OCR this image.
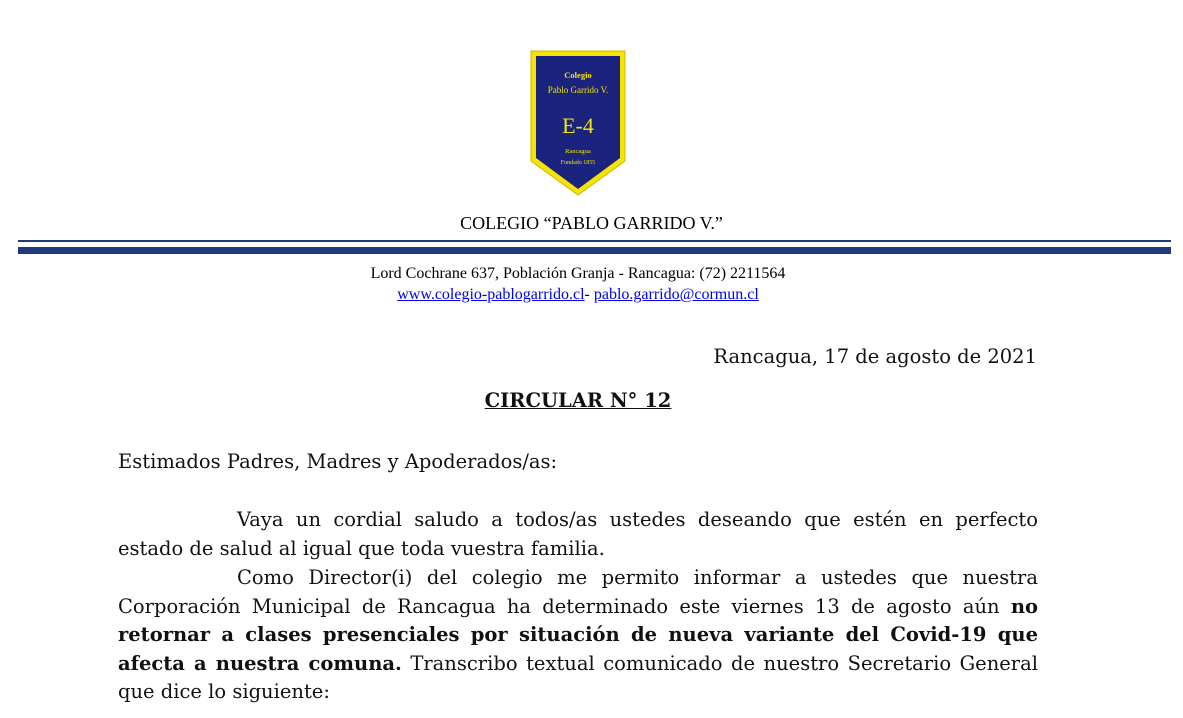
Colegio
Pablo Garrido V.
E-4
Rancagua
Fundado 1855
COLEGIO “PABLO GARRIDO V.”
Lord Cochrane 637, Población Granja - Rancagua: (72) 2211564
www.colegio-pablogarrido.cl- pablo.garrido@cormun.cl
Rancagua, 17 de agosto de 2021
CIRCULAR N° 12
Estimados Padres, Madres y Apoderados/as:
Vaya un cordial saludo a todos/as ustedes deseando que estén en perfecto estado de salud al igual que toda vuestra familia.
Como Director(i) del colegio me permito informar a ustedes que nuestra Corporación Municipal de Rancagua ha determinado este viernes 13 de agosto aún no retornar a clases presenciales por situación de nueva variante del Covid-19 que afecta a nuestra comuna. Transcribo textual comunicado de nuestro Secretario General que dice lo siguiente:
